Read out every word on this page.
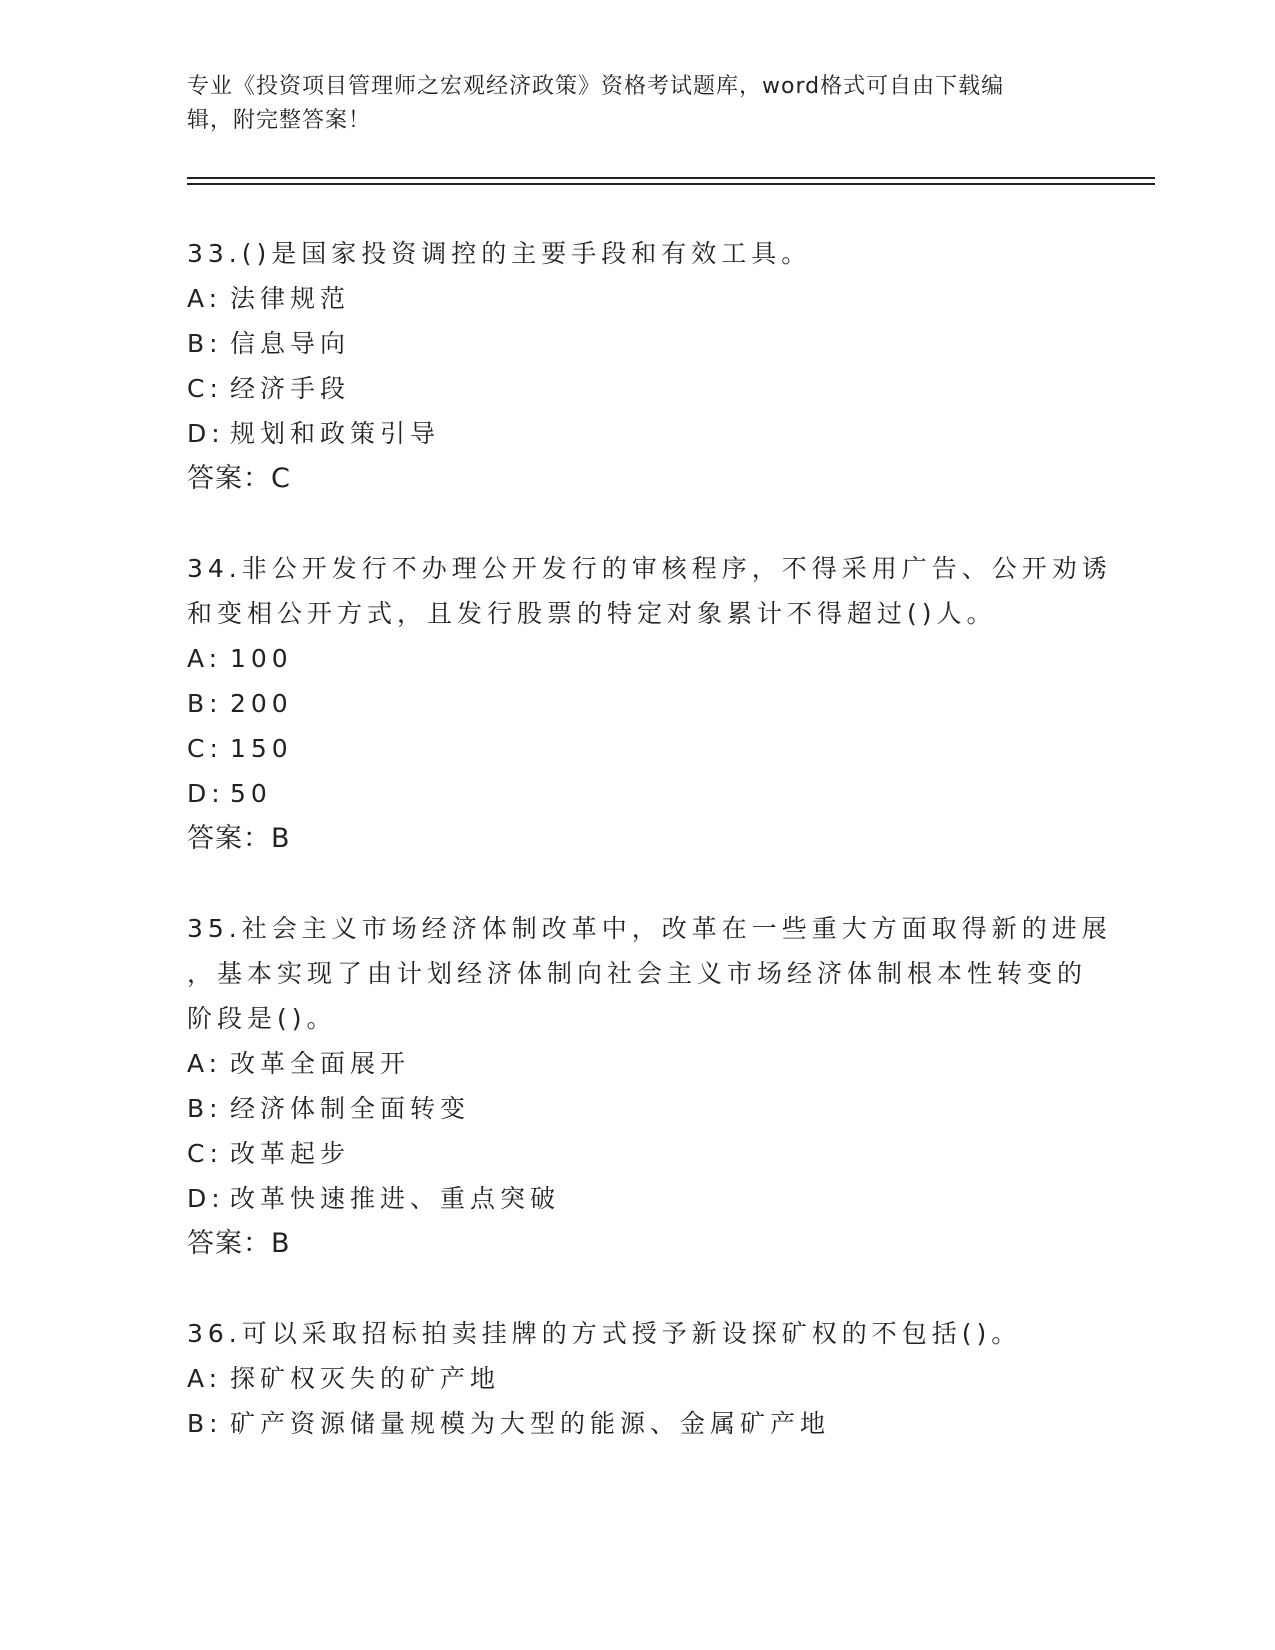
专业《投资项目管理师之宏观经济政策》资格考试题库，word格式可自由下载编
辑，附完整答案！
33.()是国家投资调控的主要手段和有效工具。
A: 法律规范
B: 信息导向
C: 经济手段
D: 规划和政策引导
答案：C
34.非公开发行不办理公开发行的审核程序，不得采用广告、公开劝诱
和变相公开方式，且发行股票的特定对象累计不得超过()人。
A: 100
B: 200
C: 150
D: 50
答案：B
35.社会主义市场经济体制改革中，改革在一些重大方面取得新的进展
，基本实现了由计划经济体制向社会主义市场经济体制根本性转变的
阶段是()。
A: 改革全面展开
B: 经济体制全面转变
C: 改革起步
D: 改革快速推进、重点突破
答案：B
36.可以采取招标拍卖挂牌的方式授予新设探矿权的不包括()。
A: 探矿权灭失的矿产地
B: 矿产资源储量规模为大型的能源、金属矿产地
